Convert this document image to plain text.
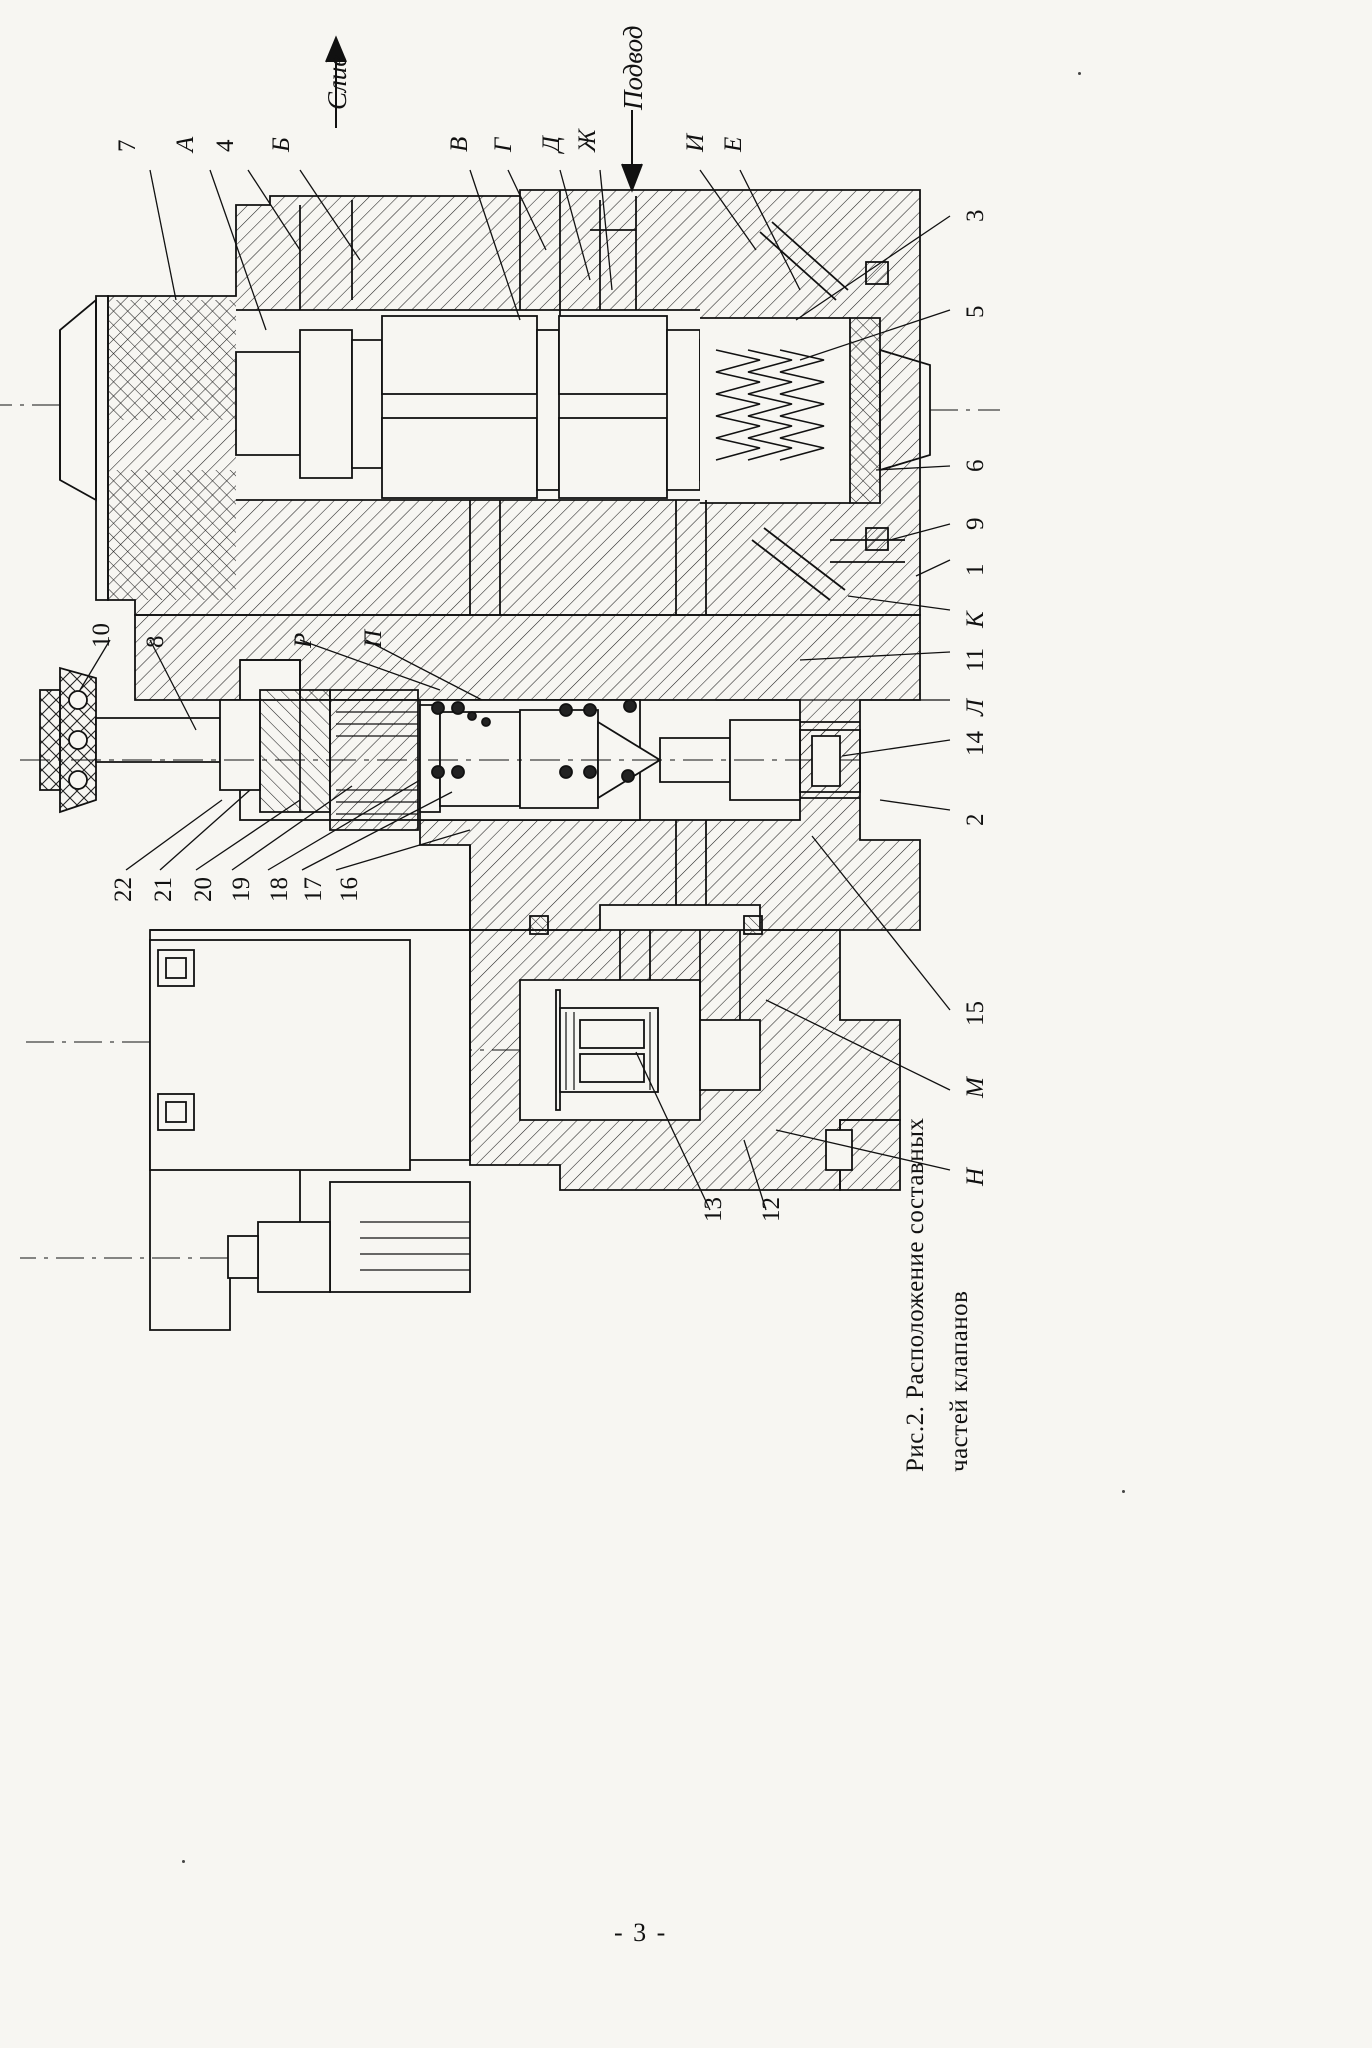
Слив	Подвод
7 А 4 Б	В Г Д Ж	И Е
3
5
6
9
1
К
11
Л
14
2
15
М
Н
10 8	Р П
22 21 20 19 18 17 16
13 12	Рис.2. Расположение составных частей клапанов
- 3 -
